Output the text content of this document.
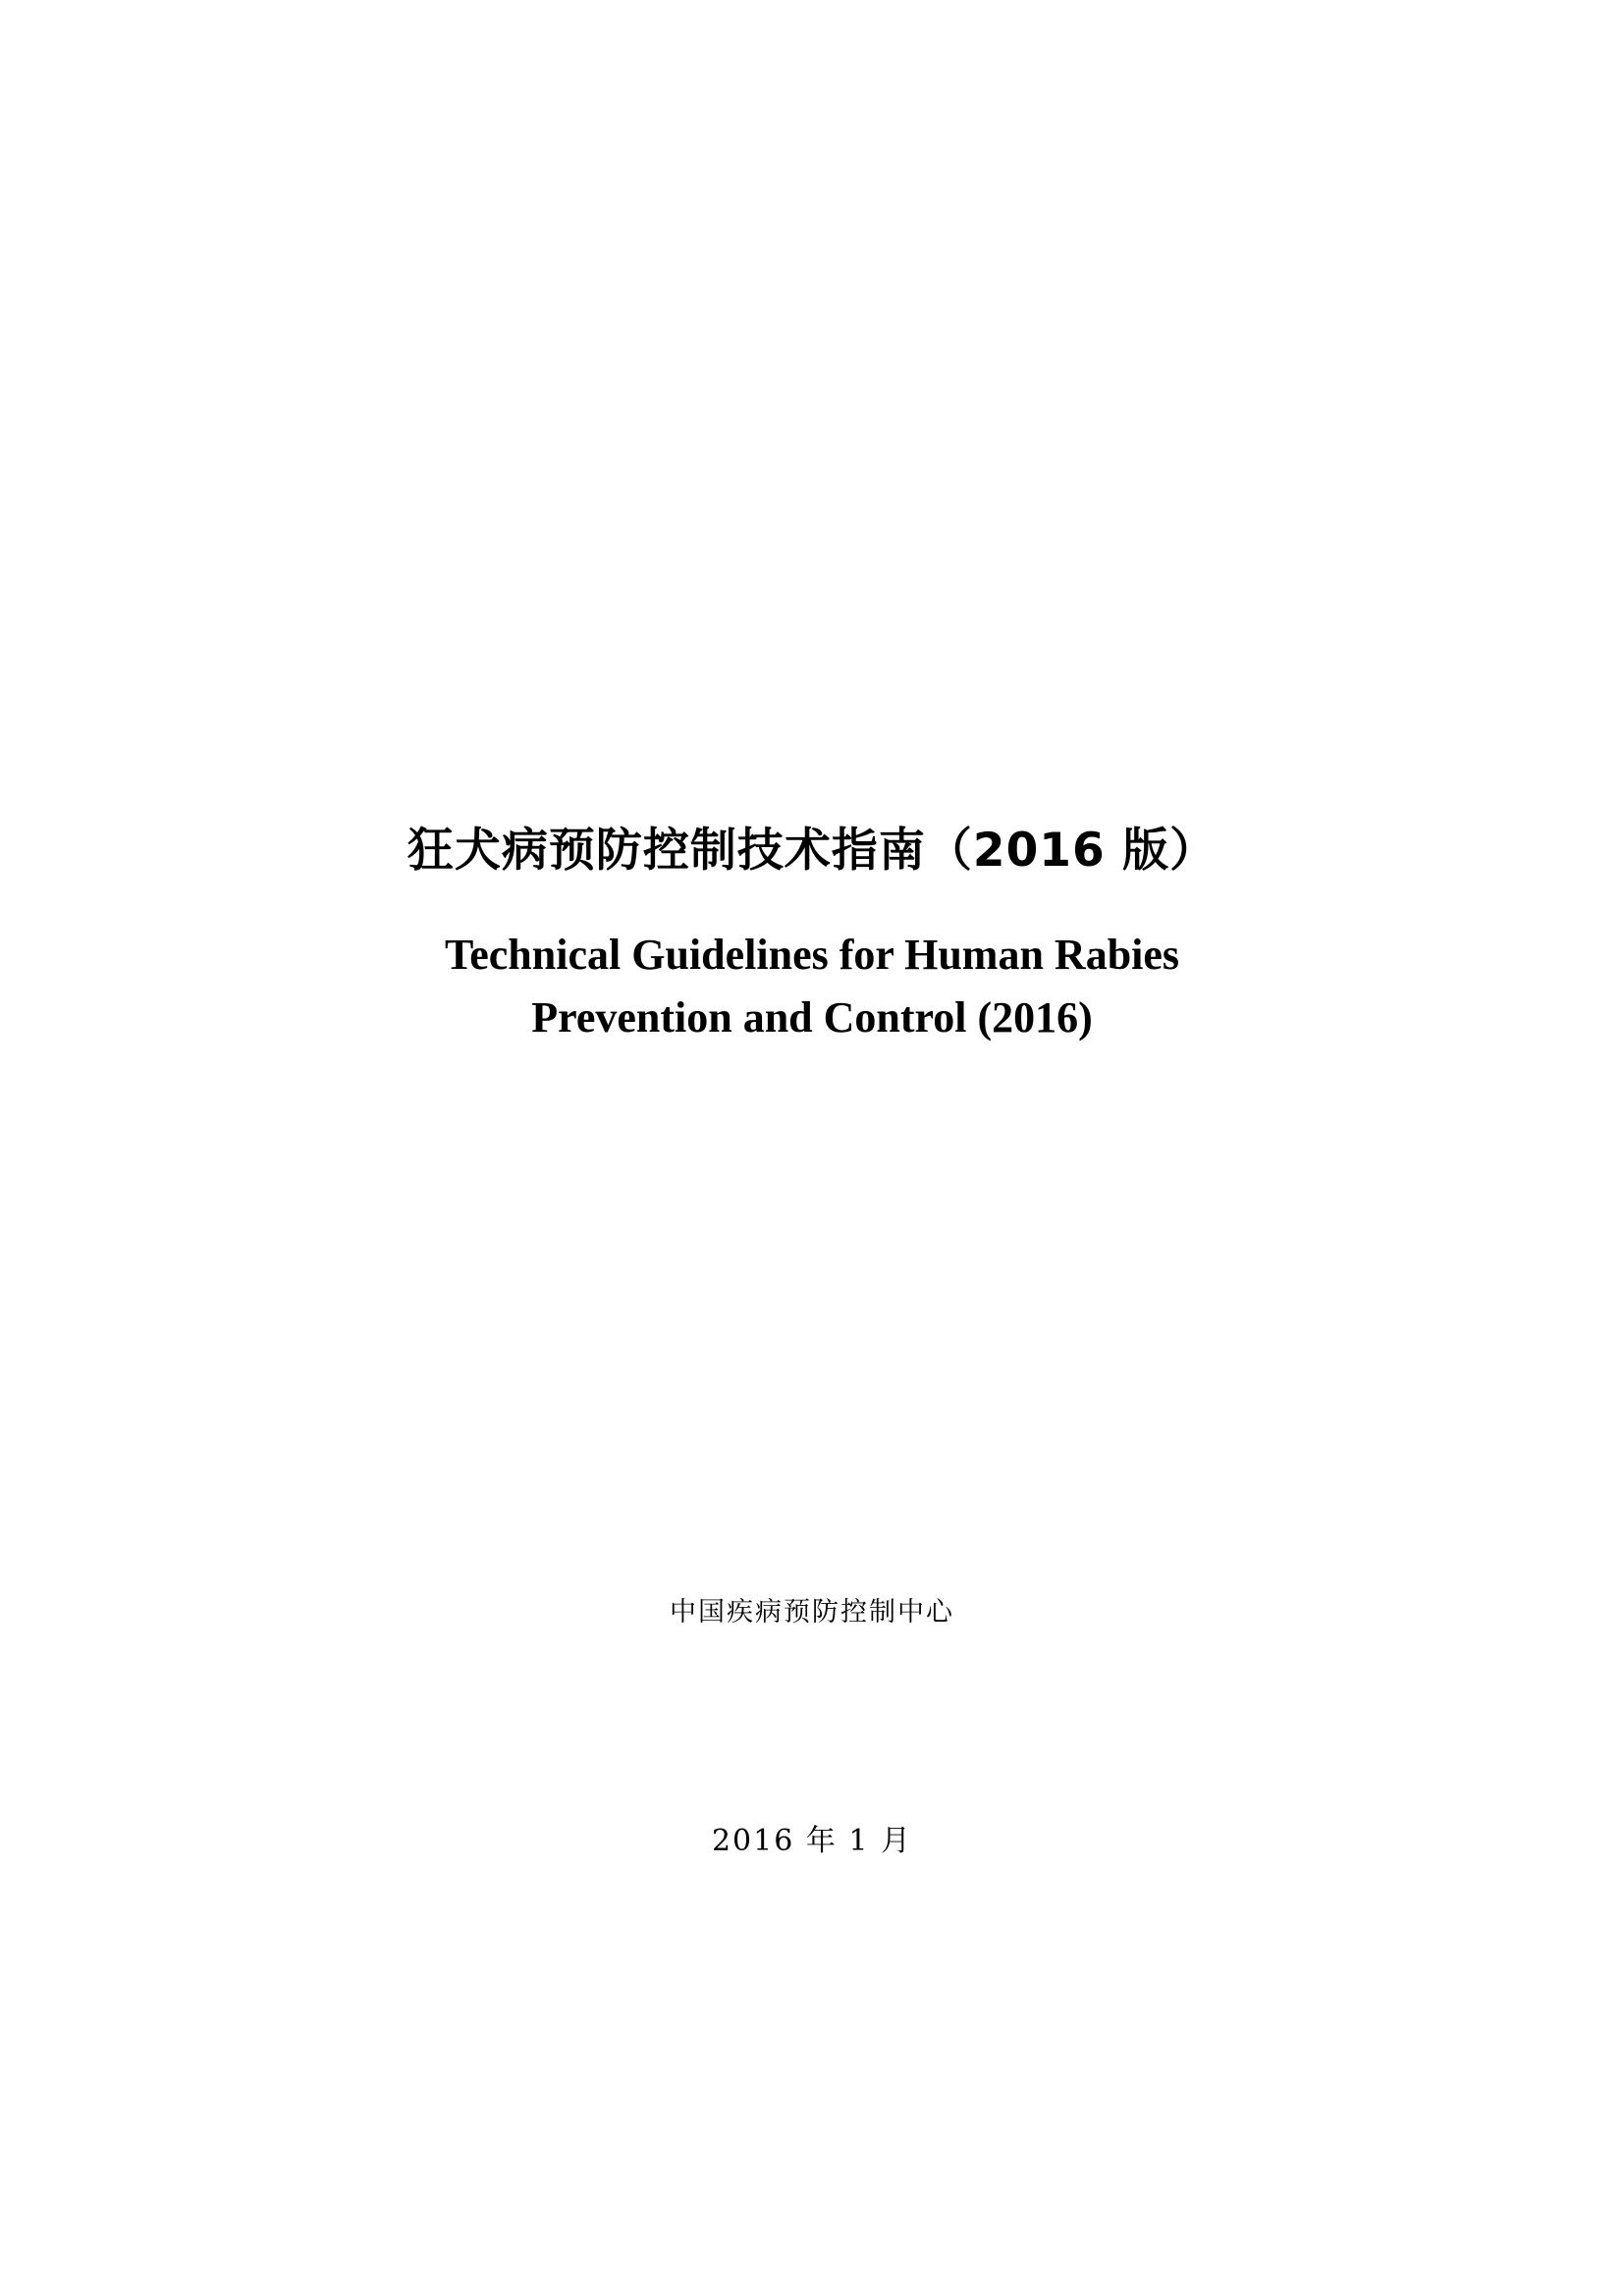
狂犬病预防控制技术指南（2016 版）
Technical Guidelines for Human Rabies
Prevention and Control (2016)

中国疾病预防控制中心

2016 年 1 月
